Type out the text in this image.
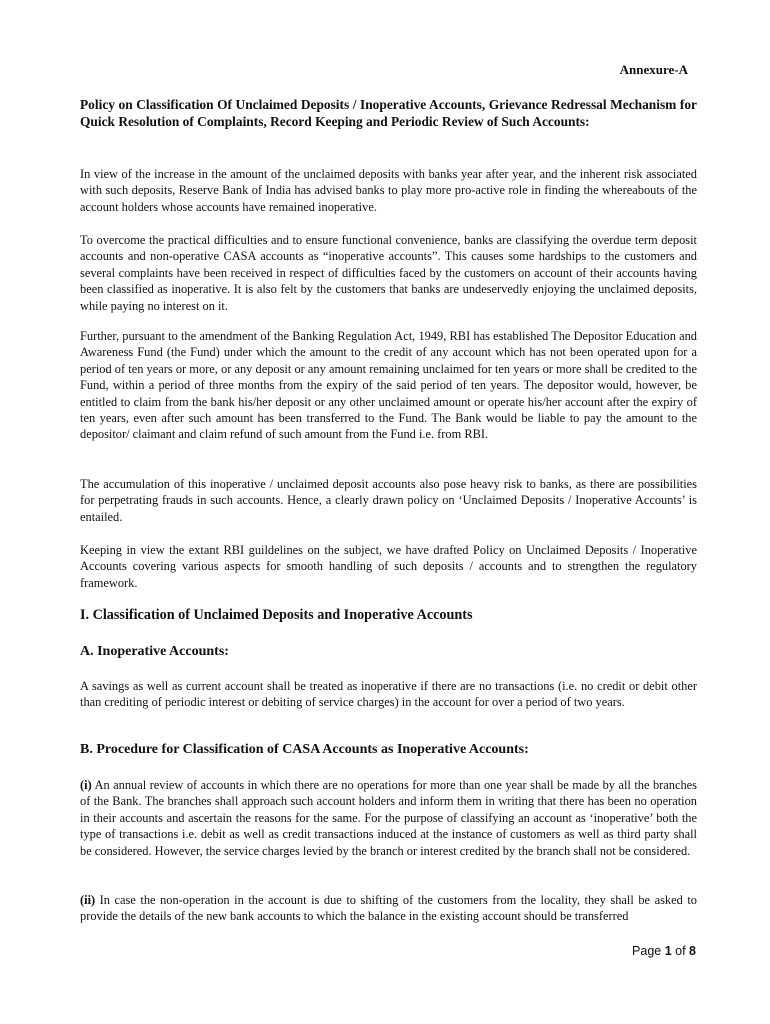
Annexure-A
Policy on Classification Of Unclaimed Deposits / Inoperative Accounts, Grievance Redressal Mechanism for Quick Resolution of Complaints, Record Keeping and Periodic Review of Such Accounts:

In view of the increase in the amount of the unclaimed deposits with banks year after year, and the inherent risk associated with such deposits, Reserve Bank of India has advised banks to play more pro-active role in finding the whereabouts of the account holders whose accounts have remained inoperative.

To overcome the practical difficulties and to ensure functional convenience, banks are classifying the overdue term deposit accounts and non-operative CASA accounts as “inoperative accounts”. This causes some hardships to the customers and several complaints have been received in respect of difficulties faced by the customers on account of their accounts having been classified as inoperative. It is also felt by the customers that banks are undeservedly enjoying the unclaimed deposits, while paying no interest on it.

Further, pursuant to the amendment of the Banking Regulation Act, 1949, RBI has established The Depositor Education and Awareness Fund (the Fund) under which the amount to the credit of any account which has not been operated upon for a period of ten years or more, or any deposit or any amount remaining unclaimed for ten years or more shall be credited to the Fund, within a period of three months from the expiry of the said period of ten years. The depositor would, however, be entitled to claim from the bank his/her deposit or any other unclaimed amount or operate his/her account after the expiry of ten years, even after such amount has been transferred to the Fund. The Bank would be liable to pay the amount to the depositor/ claimant and claim refund of such amount from the Fund i.e. from RBI.

The accumulation of this inoperative / unclaimed deposit accounts also pose heavy risk to banks, as there are possibilities for perpetrating frauds in such accounts. Hence, a clearly drawn policy on ‘Unclaimed Deposits / Inoperative Accounts’ is entailed.

Keeping in view the extant RBI guildelines on the subject, we have drafted Policy on Unclaimed Deposits / Inoperative Accounts covering various aspects for smooth handling of such deposits / accounts and to strengthen the regulatory framework.

I. Classification of Unclaimed Deposits and Inoperative Accounts
A. Inoperative Accounts:

A savings as well as current account shall be treated as inoperative if there are no transactions (i.e. no credit or debit other than crediting of periodic interest or debiting of service charges) in the account for over a period of two years.

B. Procedure for Classification of CASA Accounts as Inoperative Accounts:

(i) An annual review of accounts in which there are no operations for more than one year shall be made by all the branches of the Bank. The branches shall approach such account holders and inform them in writing that there has been no operation in their accounts and ascertain the reasons for the same. For the purpose of classifying an account as ‘inoperative’ both the type of transactions i.e. debit as well as credit transactions induced at the instance of customers as well as third party shall be considered. However, the service charges levied by the branch or interest credited by the branch shall not be considered.

(ii) In case the non-operation in the account is due to shifting of the customers from the locality, they shall be asked to provide the details of the new bank accounts to which the balance in the existing account should be transferred

Page 1 of 8
